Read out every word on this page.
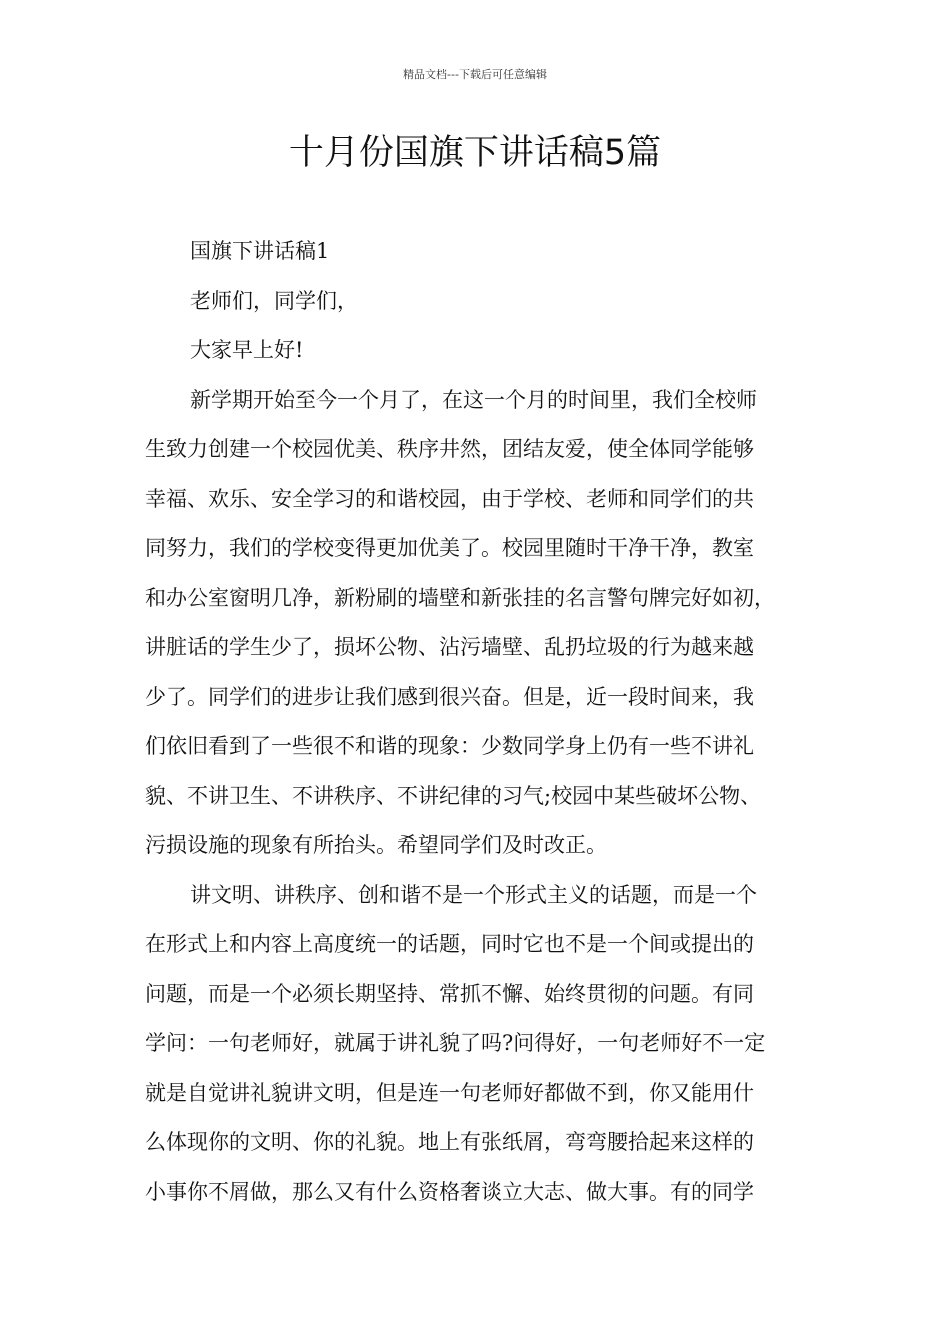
精品文档---下载后可任意编辑
十月份国旗下讲话稿5篇
国旗下讲话稿1
老师们，同学们，
大家早上好!
新学期开始至今一个月了，在这一个月的时间里，我们全校师
生致力创建一个校园优美、秩序井然，团结友爱，使全体同学能够
幸福、欢乐、安全学习的和谐校园，由于学校、老师和同学们的共
同努力，我们的学校变得更加优美了。校园里随时干净干净，教室
和办公室窗明几净，新粉刷的墙壁和新张挂的名言警句牌完好如初，
讲脏话的学生少了，损坏公物、沾污墙壁、乱扔垃圾的行为越来越
少了。同学们的进步让我们感到很兴奋。但是，近一段时间来，我
们依旧看到了一些很不和谐的现象：少数同学身上仍有一些不讲礼
貌、不讲卫生、不讲秩序、不讲纪律的习气;校园中某些破坏公物、
污损设施的现象有所抬头。希望同学们及时改正。
讲文明、讲秩序、创和谐不是一个形式主义的话题，而是一个
在形式上和内容上高度统一的话题，同时它也不是一个间或提出的
问题，而是一个必须长期坚持、常抓不懈、始终贯彻的问题。有同
学问：一句老师好，就属于讲礼貌了吗?问得好，一句老师好不一定
就是自觉讲礼貌讲文明，但是连一句老师好都做不到，你又能用什
么体现你的文明、你的礼貌。地上有张纸屑，弯弯腰拾起来这样的
小事你不屑做，那么又有什么资格奢谈立大志、做大事。有的同学
